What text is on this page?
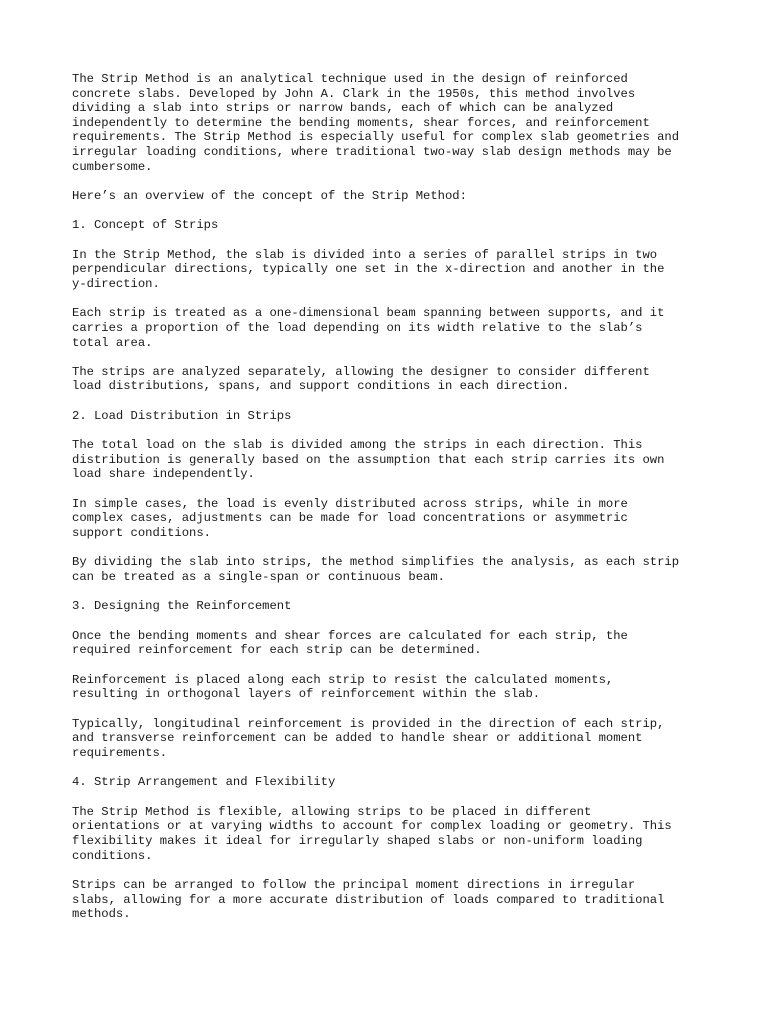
The Strip Method is an analytical technique used in the design of reinforced
concrete slabs. Developed by John A. Clark in the 1950s, this method involves
dividing a slab into strips or narrow bands, each of which can be analyzed
independently to determine the bending moments, shear forces, and reinforcement
requirements. The Strip Method is especially useful for complex slab geometries and
irregular loading conditions, where traditional two-way slab design methods may be
cumbersome.

Here’s an overview of the concept of the Strip Method:

1. Concept of Strips

In the Strip Method, the slab is divided into a series of parallel strips in two
perpendicular directions, typically one set in the x-direction and another in the
y-direction.

Each strip is treated as a one-dimensional beam spanning between supports, and it
carries a proportion of the load depending on its width relative to the slab’s
total area.

The strips are analyzed separately, allowing the designer to consider different
load distributions, spans, and support conditions in each direction.

2. Load Distribution in Strips

The total load on the slab is divided among the strips in each direction. This
distribution is generally based on the assumption that each strip carries its own
load share independently.

In simple cases, the load is evenly distributed across strips, while in more
complex cases, adjustments can be made for load concentrations or asymmetric
support conditions.

By dividing the slab into strips, the method simplifies the analysis, as each strip
can be treated as a single-span or continuous beam.

3. Designing the Reinforcement

Once the bending moments and shear forces are calculated for each strip, the
required reinforcement for each strip can be determined.

Reinforcement is placed along each strip to resist the calculated moments,
resulting in orthogonal layers of reinforcement within the slab.

Typically, longitudinal reinforcement is provided in the direction of each strip,
and transverse reinforcement can be added to handle shear or additional moment
requirements.

4. Strip Arrangement and Flexibility

The Strip Method is flexible, allowing strips to be placed in different
orientations or at varying widths to account for complex loading or geometry. This
flexibility makes it ideal for irregularly shaped slabs or non-uniform loading
conditions.

Strips can be arranged to follow the principal moment directions in irregular
slabs, allowing for a more accurate distribution of loads compared to traditional
methods.
